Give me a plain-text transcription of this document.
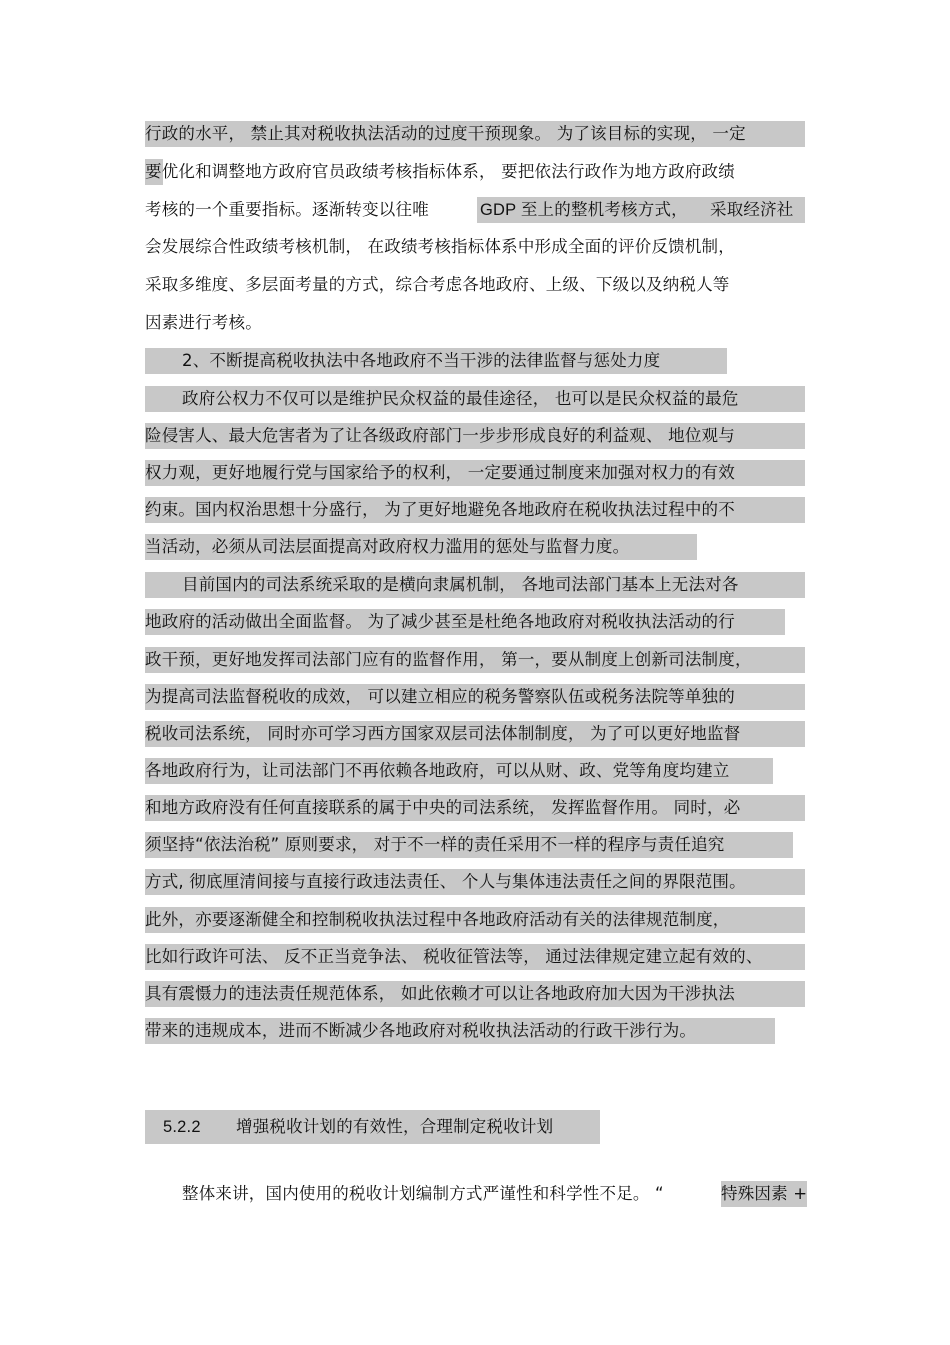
行政的水平， 禁止其对税收执法活动的过度干预现象。 为了该目标的实现， 一定
要优化和调整地方政府官员政绩考核指标体系， 要把依法行政作为地方政府政绩
考核的一个重要指标。逐渐转变以往唯	GDP 至上的整机考核方式，	采取经济社
会发展综合性政绩考核机制， 在政绩考核指标体系中形成全面的评价反馈机制，
采取多维度、多层面考量的方式，综合考虑各地政府、上级、下级以及纳税人等
因素进行考核。
2、不断提高税收执法中各地政府不当干涉的法律监督与惩处力度
政府公权力不仅可以是维护民众权益的最佳途径， 也可以是民众权益的最危
险侵害人、最大危害者为了让各级政府部门一步步形成良好的利益观、 地位观与
权力观，更好地履行党与国家给予的权利， 一定要通过制度来加强对权力的有效
约束。国内权治思想十分盛行， 为了更好地避免各地政府在税收执法过程中的不
当活动，必须从司法层面提高对政府权力滥用的惩处与监督力度。
目前国内的司法系统采取的是横向隶属机制， 各地司法部门基本上无法对各
地政府的活动做出全面监督。 为了减少甚至是杜绝各地政府对税收执法活动的行
政干预，更好地发挥司法部门应有的监督作用， 第一，要从制度上创新司法制度，
为提高司法监督税收的成效， 可以建立相应的税务警察队伍或税务法院等单独的
税收司法系统， 同时亦可学习西方国家双层司法体制制度， 为了可以更好地监督
各地政府行为，让司法部门不再依赖各地政府，可以从财、政、党等角度均建立
和地方政府没有任何直接联系的属于中央的司法系统， 发挥监督作用。 同时，必
须坚持“依法治税” 原则要求， 对于不一样的责任采用不一样的程序与责任追究
方式, 彻底厘清间接与直接行政违法责任、 个人与集体违法责任之间的界限范围。
此外，亦要逐渐健全和控制税收执法过程中各地政府活动有关的法律规范制度，
比如行政许可法、 反不正当竞争法、 税收征管法等， 通过法律规定建立起有效的、
具有震慑力的违法责任规范体系， 如此依赖才可以让各地政府加大因为干涉执法
带来的违规成本，进而不断减少各地政府对税收执法活动的行政干涉行为。
5.2.2 增强税收计划的有效性，合理制定税收计划
整体来讲，国内使用的税收计划编制方式严谨性和科学性不足。 “	特殊因素 +
